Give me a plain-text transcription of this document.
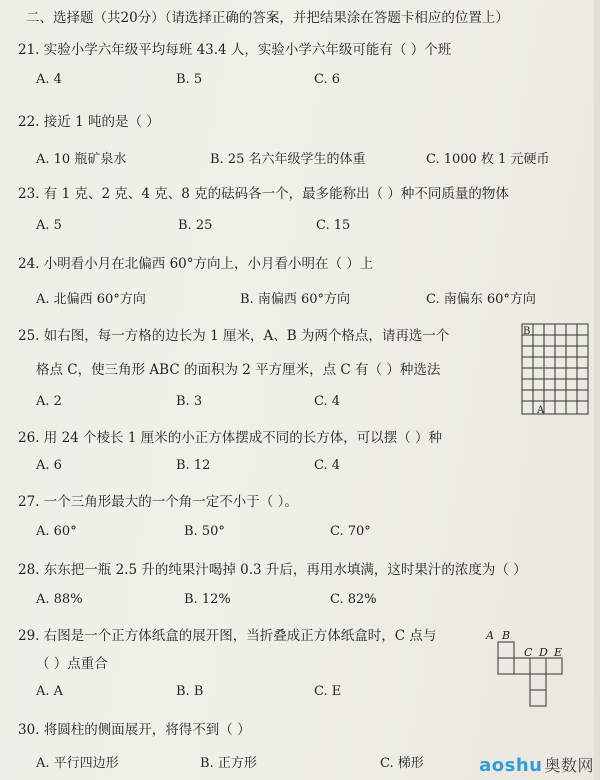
二、选择题（共20分）（请选择正确的答案，并把结果涂在答题卡相应的位置上）
21. 实验小学六年级平均每班 43.4 人，实验小学六年级可能有（ ）个班
A. 4	B. 5	C. 6
22. 接近 1 吨的是（ ）
A. 10 瓶矿泉水	B. 25 名六年级学生的体重	C. 1000 枚 1 元硬币
23. 有 1 克、2 克、4 克、8 克的砝码各一个，最多能称出（ ）种不同质量的物体
A. 5	B. 25	C. 15
24. 小明看小月在北偏西 60°方向上，小月看小明在（ ）上
A. 北偏西 60°方向	B. 南偏西 60°方向	C. 南偏东 60°方向
25. 如右图，每一方格的边长为 1 厘米，A、B 为两个格点，请再选一个
格点 C，使三角形 ABC 的面积为 2 平方厘米，点 C 有（ ）种选法
A. 2	B. 3	C. 4
B
A
26. 用 24 个棱长 1 厘米的小正方体摆成不同的长方体，可以摆（ ）种
A. 6	B. 12	C. 4
27. 一个三角形最大的一个角一定不小于（ ）。
A. 60°	B. 50°	C. 70°
28. 东东把一瓶 2.5 升的纯果汁喝掉 0.3 升后，再用水填满，这时果汁的浓度为（ ）
A. 88%	B. 12%	C. 82%
29. 右图是一个正方体纸盒的展开图，当折叠成正方体纸盒时，C 点与
（ ）点重合
A. A	B. B	C. E
A B
C D E
30. 将圆柱的侧面展开，将得不到（ ）
A. 平行四边形	B. 正方形	C. 梯形	aoshu 奥数网
